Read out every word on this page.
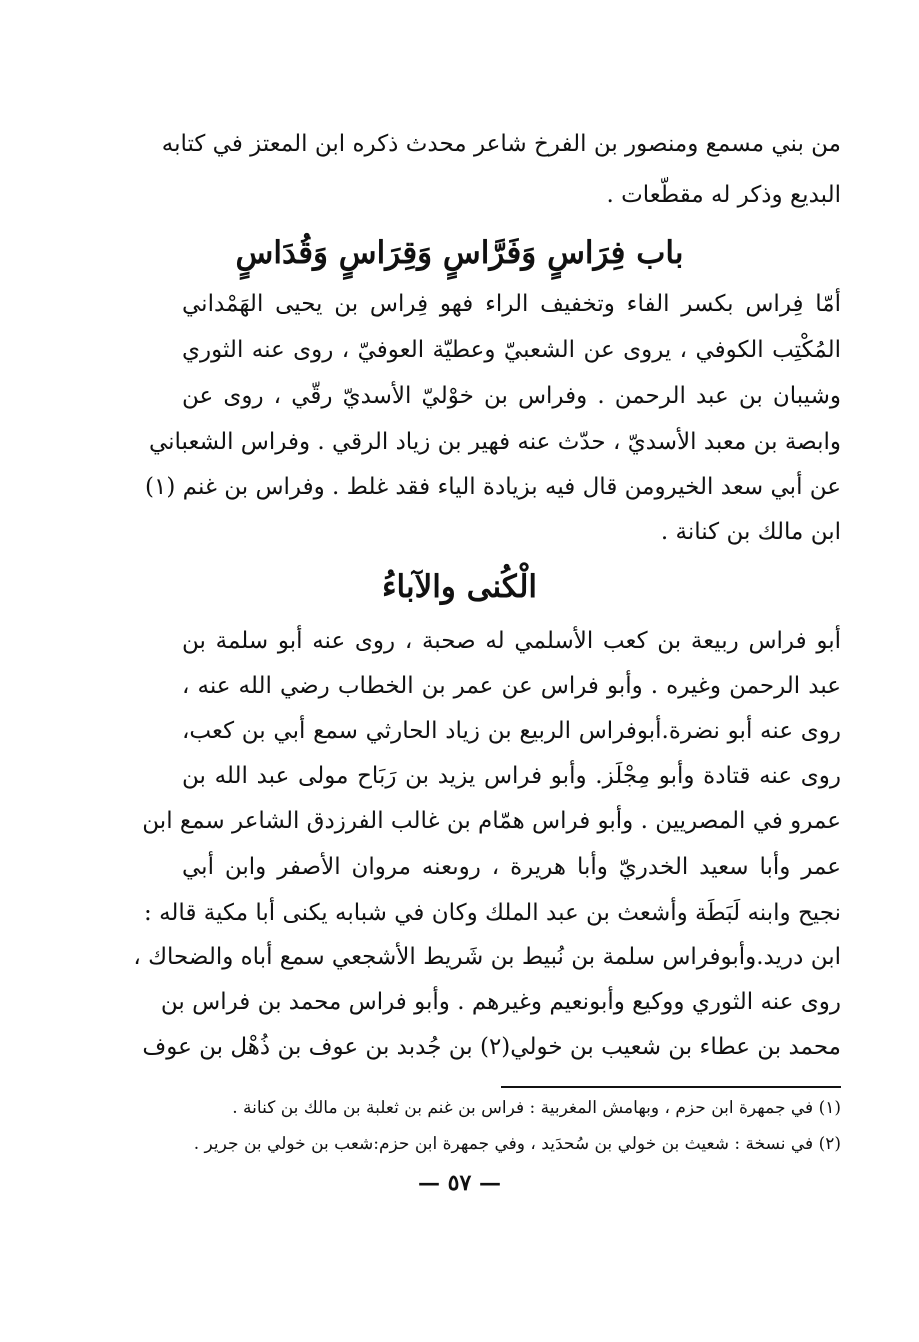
من بني مسمع ومنصور بن الفرخ شاعر محدث ذكره ابن المعتز في كتابه
البديع وذكر له مقطّعات .
باب فِرَاسٍ وَفَرَّاسٍ وَقِرَاسٍ وَقُدَاسٍ
أمّا فِراس بكسر الفاء وتخفيف الراء فهو فِراس بن يحيى الهَمْداني
المُكْتِب الكوفي ، يروى عن الشعبيّ وعطيّة العوفيّ ، روى عنه الثوري
وشيبان بن عبد الرحمن . وفراس بن خوْليّ الأسديّ رقّي ، روى عن
وابصة بن معبد الأسديّ ، حدّث عنه فهير بن زياد الرقي . وفراس الشعباني
عن أبي سعد الخيرومن قال فيه بزيادة الياء فقد غلط . وفراس بن غنم (١)
ابن مالك بن كنانة .
الْكُنى والآباءُ
أبو فراس ربيعة بن كعب الأسلمي له صحبة ، روى عنه أبو سلمة بن
عبد الرحمن وغيره . وأبو فراس عن عمر بن الخطاب رضي الله عنه ،
روى عنه أبو نضرة.أبوفراس الربيع بن زياد الحارثي سمع أبي بن كعب،
روى عنه قتادة وأبو مِجْلَز. وأبو فراس يزيد بن رَبَاح مولى عبد الله بن
عمرو في المصريين . وأبو فراس همّام بن غالب الفرزدق الشاعر سمع ابن
عمر وأبا سعيد الخدريّ وأبا هريرة ، روىعنه مروان الأصفر وابن أبي
نجيح وابنه لَبَطَة وأشعث بن عبد الملك وكان في شبابه يكنى أبا مكية قاله :
ابن دريد.وأبوفراس سلمة بن نُبيط بن شَريط الأشجعي سمع أباه والضحاك ،
روى عنه الثوري ووكيع وأبونعيم وغيرهم . وأبو فراس محمد بن فراس بن
محمد بن عطاء بن شعيب بن خولي(٢) بن جُدبد بن عوف بن ذُهْل بن عوف
(١) في جمهرة ابن حزم ، وبهامش المغربية : فراس بن غنم بن ثعلبة بن مالك بن كنانة .
(٢) في نسخة : شعيث بن خولي بن سُحدَيد ، وفي جمهرة ابن حزم:شعب بن خولي بن جرير .
— ٥٧ —
